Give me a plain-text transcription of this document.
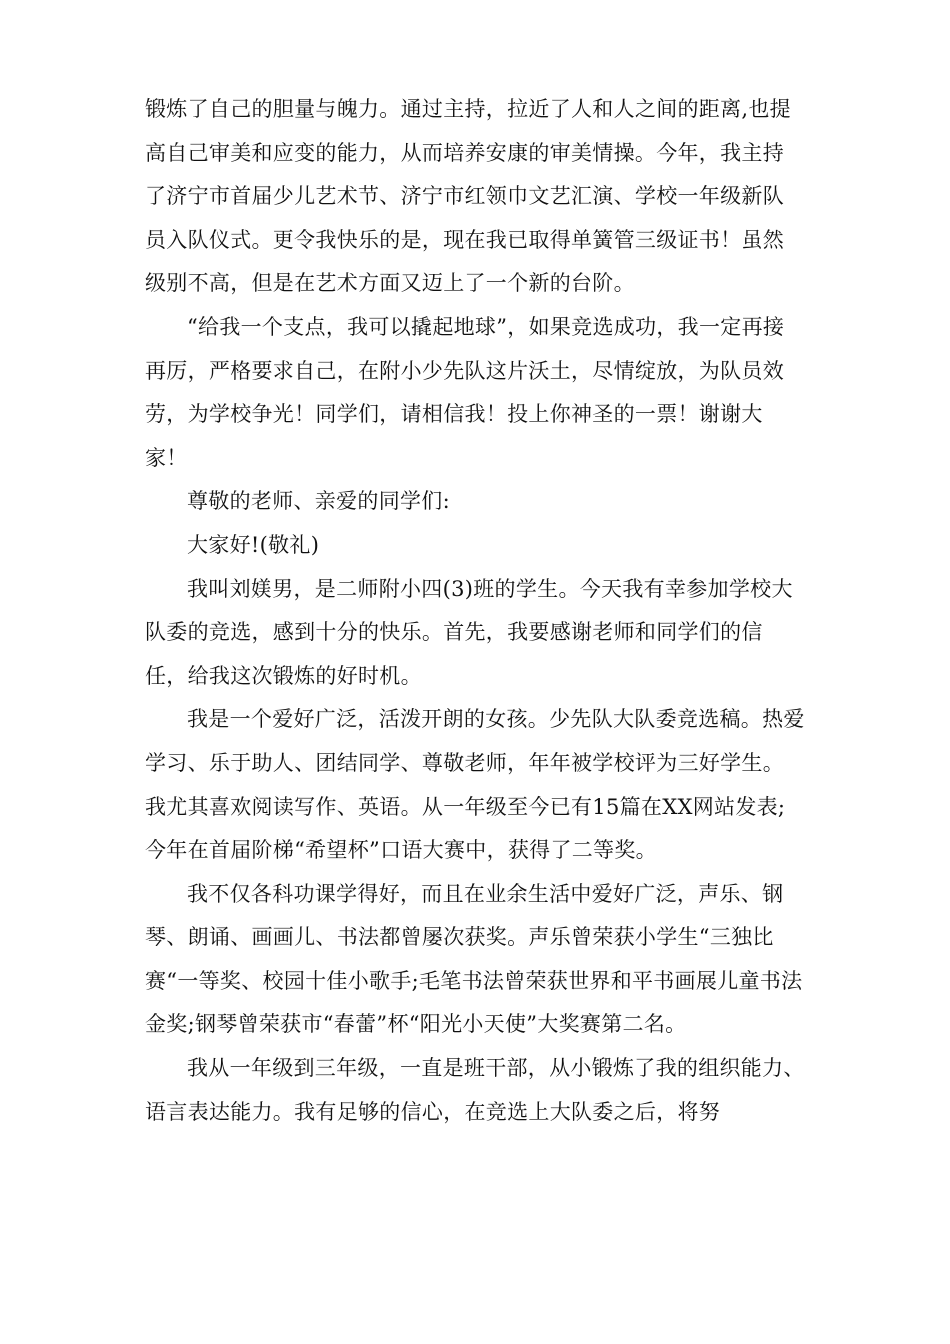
锻炼了自己的胆量与魄力。通过主持，拉近了人和人之间的距离,也提高自己审美和应变的能力，从而培养安康的审美情操。今年，我主持了济宁市首届少儿艺术节、济宁市红领巾文艺汇演、学校一年级新队员入队仪式。更令我快乐的是，现在我已取得单簧管三级证书！虽然级别不高，但是在艺术方面又迈上了一个新的台阶。

“给我一个支点，我可以撬起地球”，如果竞选成功，我一定再接再厉，严格要求自己，在附小少先队这片沃土，尽情绽放，为队员效劳，为学校争光！同学们，请相信我！投上你神圣的一票！谢谢大家！

尊敬的老师、亲爱的同学们:

大家好!(敬礼)

我叫刘媄男，是二师附小四(3)班的学生。今天我有幸参加学校大队委的竞选，感到十分的快乐。首先，我要感谢老师和同学们的信任，给我这次锻炼的好时机。

我是一个爱好广泛，活泼开朗的女孩。少先队大队委竞选稿。热爱学习、乐于助人、团结同学、尊敬老师，年年被学校评为三好学生。我尤其喜欢阅读写作、英语。从一年级至今已有15篇在XX网站发表;今年在首届阶梯“希望杯”口语大赛中，获得了二等奖。

我不仅各科功课学得好，而且在业余生活中爱好广泛，声乐、钢琴、朗诵、画画儿、书法都曾屡次获奖。声乐曾荣获小学生“三独比赛“一等奖、校园十佳小歌手;毛笔书法曾荣获世界和平书画展儿童书法金奖;钢琴曾荣获市“春蕾”杯“阳光小天使”大奖赛第二名。

我从一年级到三年级，一直是班干部，从小锻炼了我的组织能力、语言表达能力。我有足够的信心，在竞选上大队委之后，将努
